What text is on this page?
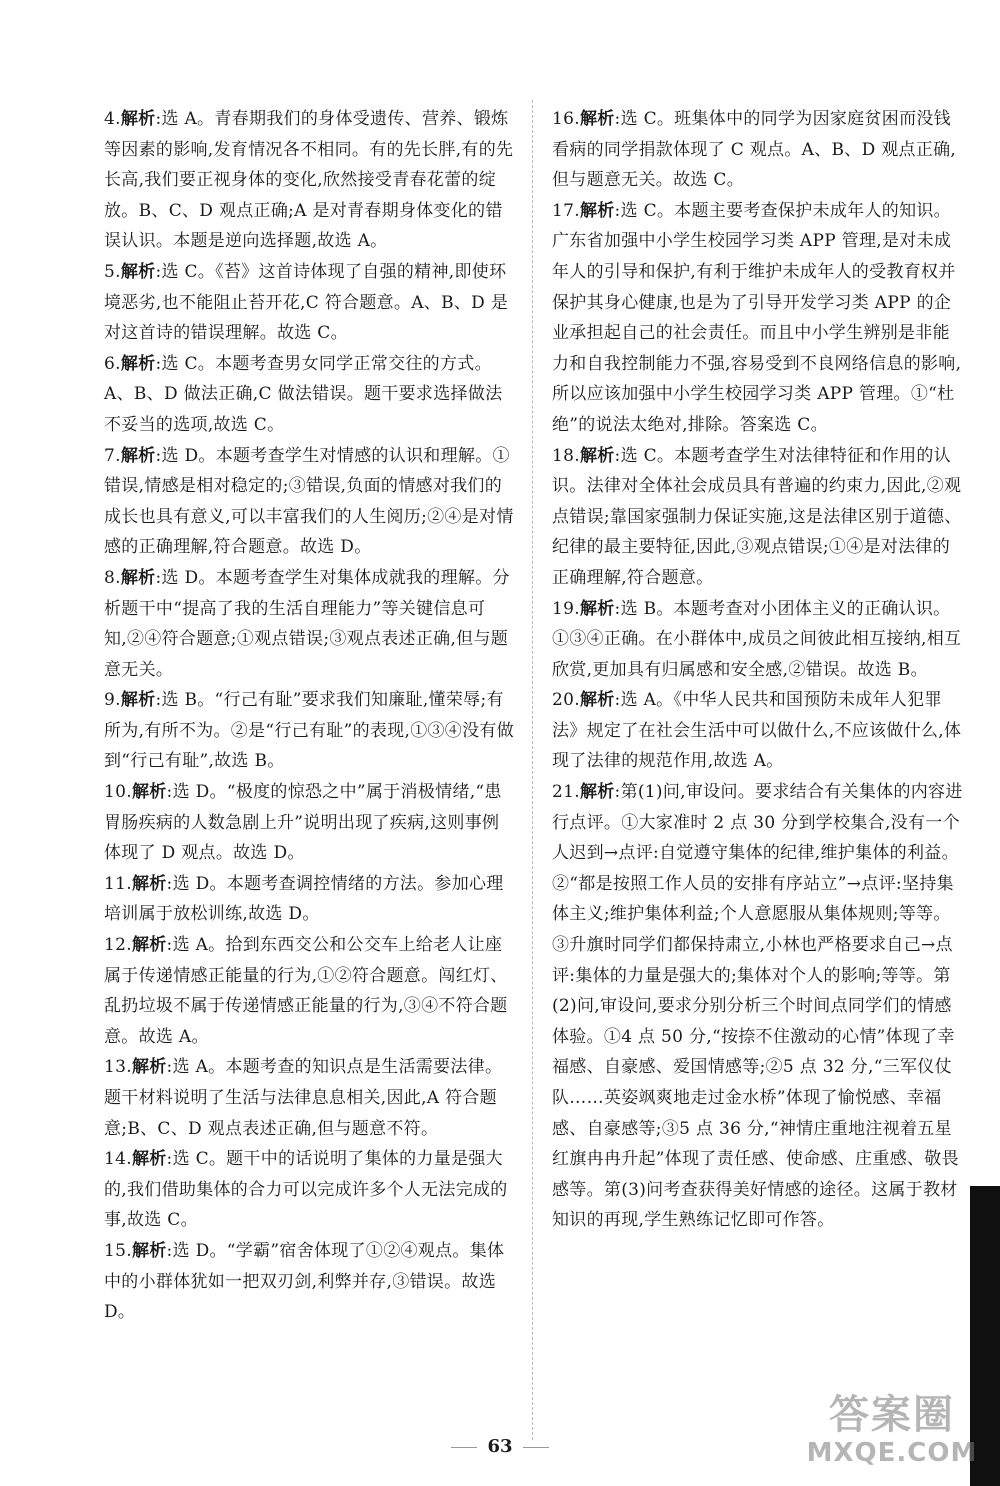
4.解析:选 A。青春期我们的身体受遗传、营养、锻炼等因素的影响,发育情况各不相同。有的先长胖,有的先长高,我们要正视身体的变化,欣然接受青春花蕾的绽放。B、C、D 观点正确;A 是对青春期身体变化的错误认识。本题是逆向选择题,故选 A。

5.解析:选 C。《苔》这首诗体现了自强的精神,即使环境恶劣,也不能阻止苔开花,C 符合题意。A、B、D 是对这首诗的错误理解。故选 C。

6.解析:选 C。本题考查男女同学正常交往的方式。A、B、D 做法正确,C 做法错误。题干要求选择做法不妥当的选项,故选 C。

7.解析:选 D。本题考查学生对情感的认识和理解。①错误,情感是相对稳定的;③错误,负面的情感对我们的成长也具有意义,可以丰富我们的人生阅历;②④是对情感的正确理解,符合题意。故选 D。

8.解析:选 D。本题考查学生对集体成就我的理解。分析题干中“提高了我的生活自理能力”等关键信息可知,②④符合题意;①观点错误;③观点表述正确,但与题意无关。

9.解析:选 B。“行己有耻”要求我们知廉耻,懂荣辱;有所为,有所不为。②是“行己有耻”的表现,①③④没有做到“行己有耻”,故选 B。

10.解析:选 D。“极度的惊恐之中”属于消极情绪,“患胃肠疾病的人数急剧上升”说明出现了疾病,这则事例体现了 D 观点。故选 D。

11.解析:选 D。本题考查调控情绪的方法。参加心理培训属于放松训练,故选 D。

12.解析:选 A。拾到东西交公和公交车上给老人让座属于传递情感正能量的行为,①②符合题意。闯红灯、乱扔垃圾不属于传递情感正能量的行为,③④不符合题意。故选 A。

13.解析:选 A。本题考查的知识点是生活需要法律。题干材料说明了生活与法律息息相关,因此,A 符合题意;B、C、D 观点表述正确,但与题意不符。

14.解析:选 C。题干中的话说明了集体的力量是强大的,我们借助集体的合力可以完成许多个人无法完成的事,故选 C。

15.解析:选 D。“学霸”宿舍体现了①②④观点。集体中的小群体犹如一把双刃剑,利弊并存,③错误。故选 D。

16.解析:选 C。班集体中的同学为因家庭贫困而没钱看病的同学捐款体现了 C 观点。A、B、D 观点正确,但与题意无关。故选 C。

17.解析:选 C。本题主要考查保护未成年人的知识。广东省加强中小学生校园学习类 APP 管理,是对未成年人的引导和保护,有利于维护未成年人的受教育权并保护其身心健康,也是为了引导开发学习类 APP 的企业承担起自己的社会责任。而且中小学生辨别是非能力和自我控制能力不强,容易受到不良网络信息的影响,所以应该加强中小学生校园学习类 APP 管理。①“杜绝”的说法太绝对,排除。答案选 C。

18.解析:选 C。本题考查学生对法律特征和作用的认识。法律对全体社会成员具有普遍的约束力,因此,②观点错误;靠国家强制力保证实施,这是法律区别于道德、纪律的最主要特征,因此,③观点错误;①④是对法律的正确理解,符合题意。

19.解析:选 B。本题考查对小团体主义的正确认识。①③④正确。在小群体中,成员之间彼此相互接纳,相互欣赏,更加具有归属感和安全感,②错误。故选 B。

20.解析:选 A。《中华人民共和国预防未成年人犯罪法》规定了在社会生活中可以做什么,不应该做什么,体现了法律的规范作用,故选 A。

21.解析:第(1)问,审设问。要求结合有关集体的内容进行点评。①大家准时 2 点 30 分到学校集合,没有一个人迟到→点评:自觉遵守集体的纪律,维护集体的利益。②“都是按照工作人员的安排有序站立”→点评:坚持集体主义;维护集体利益;个人意愿服从集体规则;等等。③升旗时同学们都保持肃立,小林也严格要求自己→点评:集体的力量是强大的;集体对个人的影响;等等。第(2)问,审设问,要求分别分析三个时间点同学们的情感体验。①4 点 50 分,“按捺不住激动的心情”体现了幸福感、自豪感、爱国情感等;②5 点 32 分,“三军仪仗队……英姿飒爽地走过金水桥”体现了愉悦感、幸福感、自豪感等;③5 点 36 分,“神情庄重地注视着五星红旗冉冉升起”体现了责任感、使命感、庄重感、敬畏感等。第(3)问考查获得美好情感的途径。这属于教材知识的再现,学生熟练记忆即可作答。

63
答案圈
MXQE.COM
